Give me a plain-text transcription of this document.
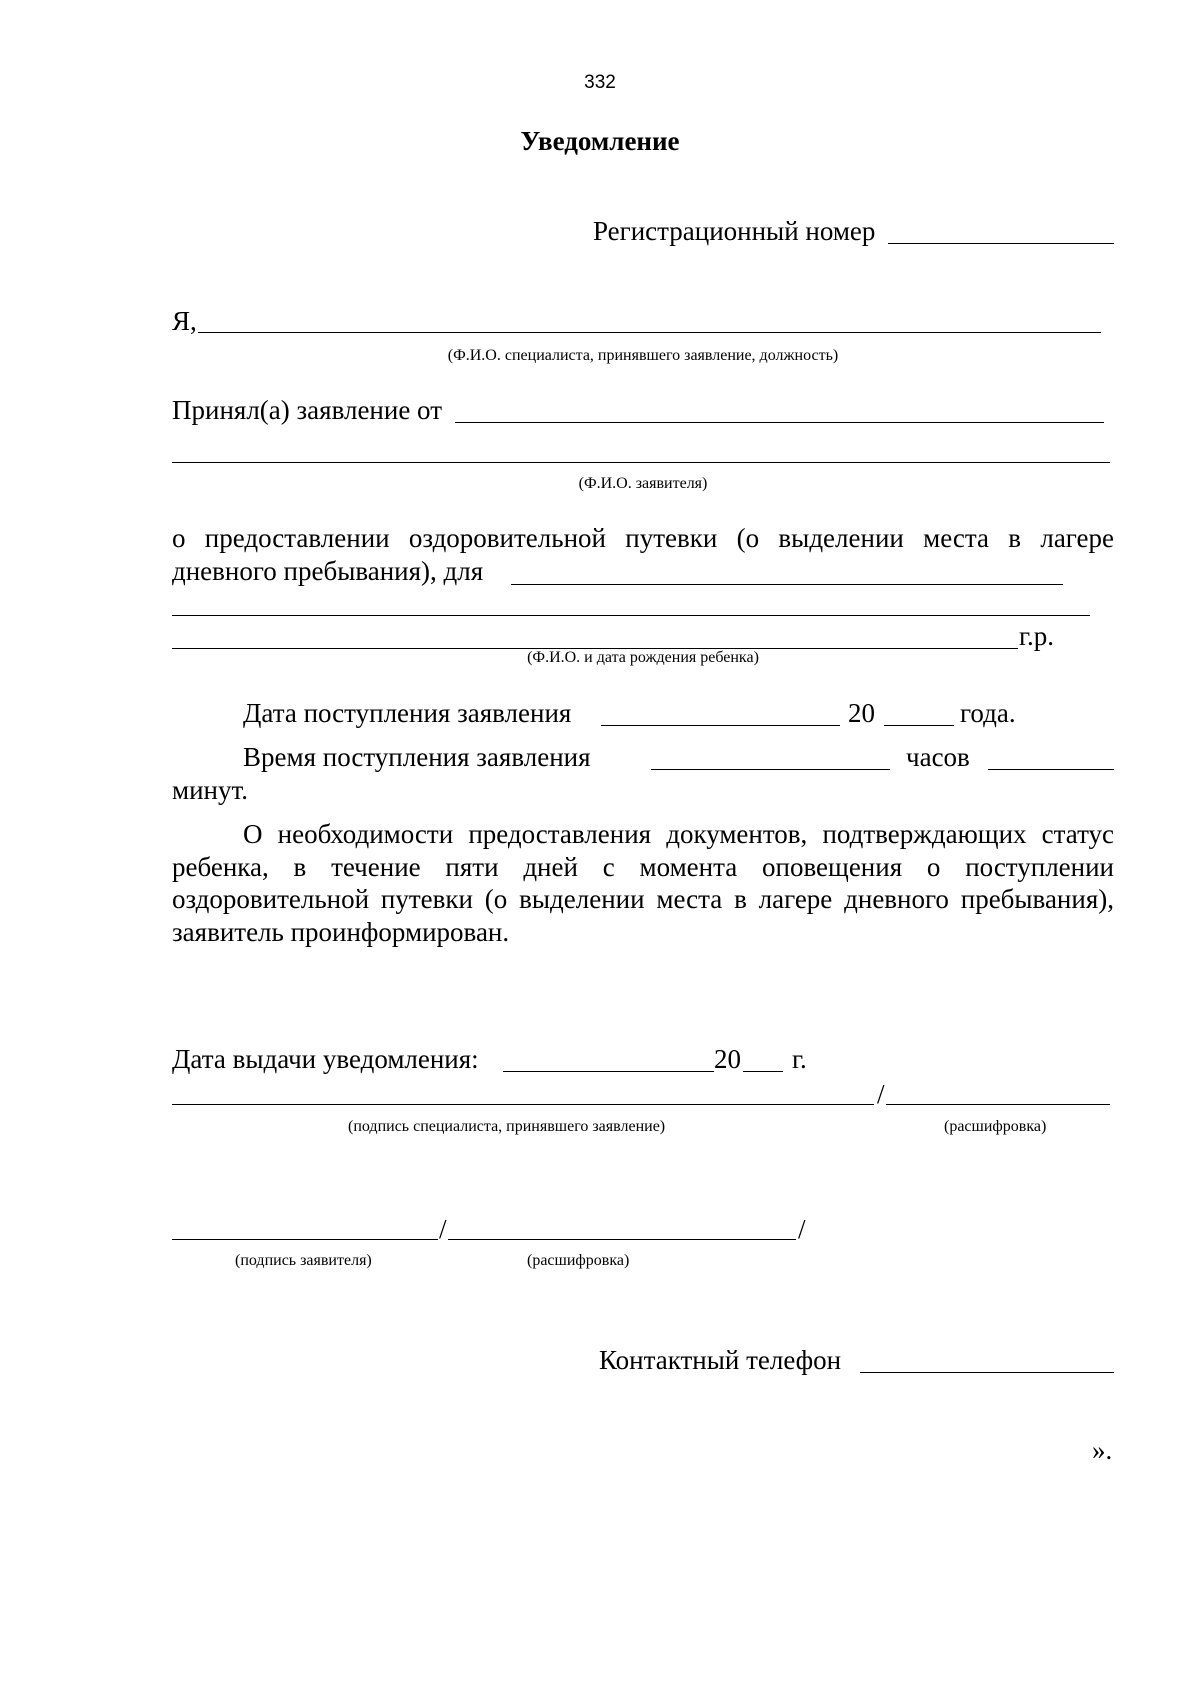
332
Уведомление
Регистрационный номер
Я,
(Ф.И.О. специалиста, принявшего заявление, должность)
Принял(а) заявление от
(Ф.И.О. заявителя)
о предоставлении оздоровительной путевки (о выделении места в лагере
дневного пребывания), для
г.р.
(Ф.И.О. и дата рождения ребенка)
Дата поступления заявления	20	года.
Время поступления заявления	часов
минут.
О необходимости предоставления документов, подтверждающих статус ребенка, в течение пяти дней с момента оповещения о поступлении оздоровительной путевки (о выделении места в лагере дневного пребывания), заявитель проинформирован.
Дата выдачи уведомления:	20 г.
/
(подпись специалиста, принявшего заявление)	(расшифровка)
/	/
(подпись заявителя)	(расшифровка)
Контактный телефон
».
